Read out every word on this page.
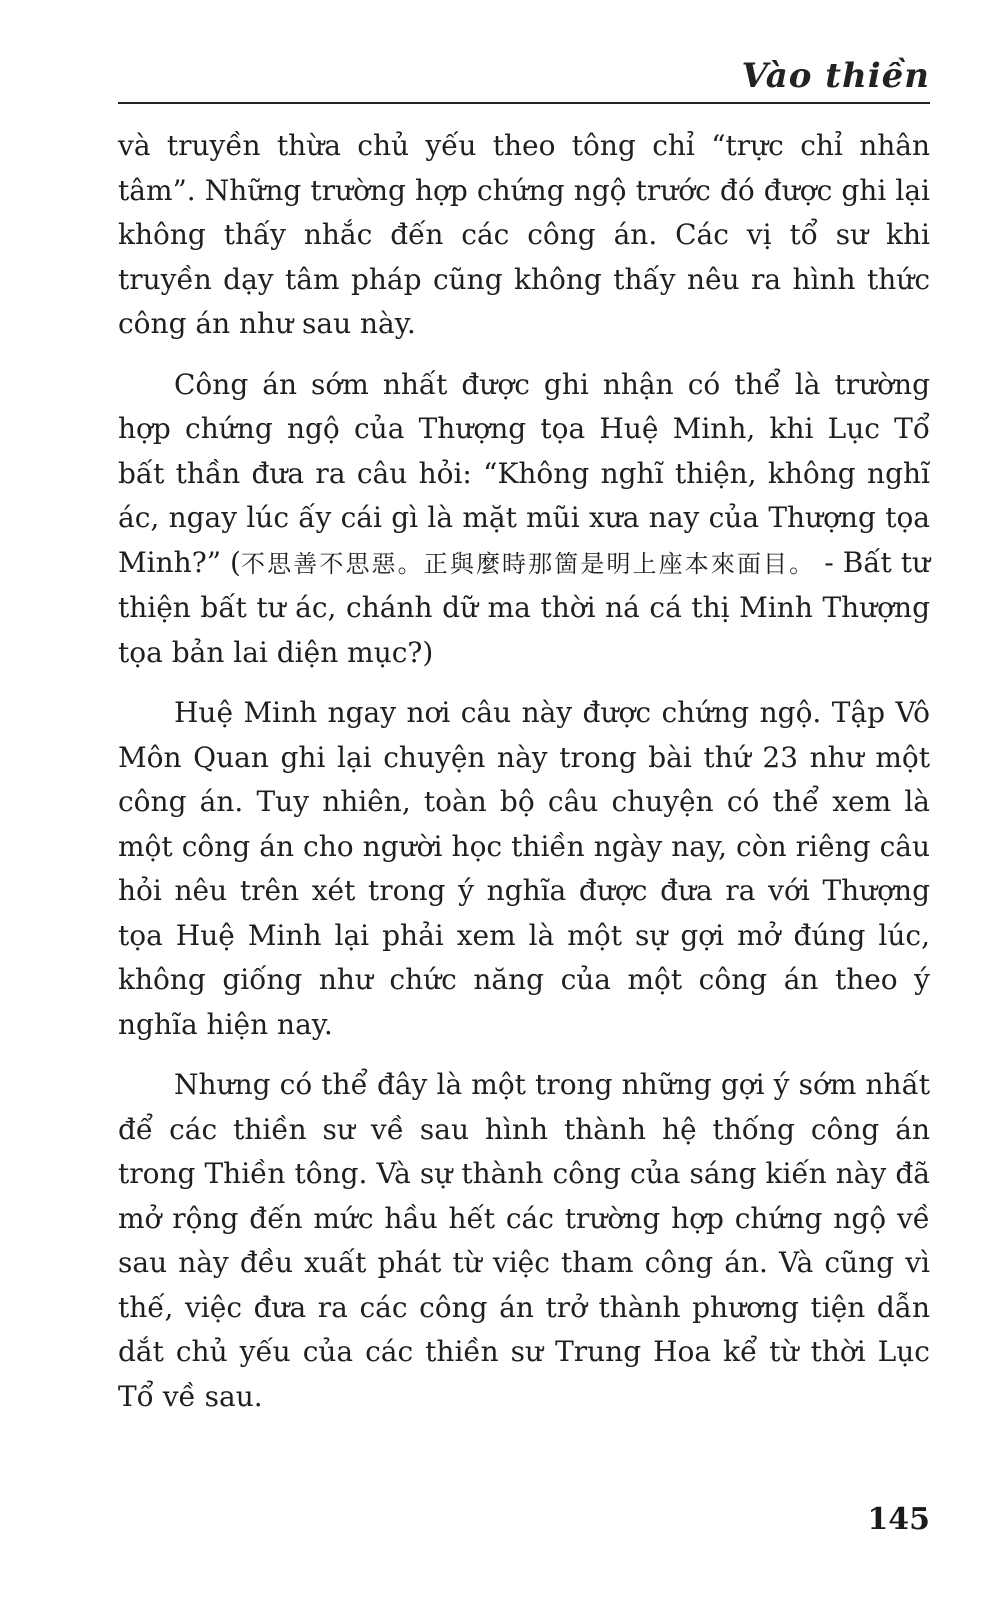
Vào thiền

và truyền thừa chủ yếu theo tông chỉ “trực chỉ nhân tâm”. Những trường hợp chứng ngộ trước đó được ghi lại không thấy nhắc đến các công án. Các vị tổ sư khi truyền dạy tâm pháp cũng không thấy nêu ra hình thức công án như sau này.

Công án sớm nhất được ghi nhận có thể là trường hợp chứng ngộ của Thượng tọa Huệ Minh, khi Lục Tổ bất thần đưa ra câu hỏi: “Không nghĩ thiện, không nghĩ ác, ngay lúc ấy cái gì là mặt mũi xưa nay của Thượng tọa Minh?” (不思善不思惡。正與麼時那箇是明上座本來面目。 - Bất tư thiện bất tư ác, chánh dữ ma thời ná cá thị Minh Thượng tọa bản lai diện mục?)

Huệ Minh ngay nơi câu này được chứng ngộ. Tập Vô Môn Quan ghi lại chuyện này trong bài thứ 23 như một công án. Tuy nhiên, toàn bộ câu chuyện có thể xem là một công án cho người học thiền ngày nay, còn riêng câu hỏi nêu trên xét trong ý nghĩa được đưa ra với Thượng tọa Huệ Minh lại phải xem là một sự gợi mở đúng lúc, không giống như chức năng của một công án theo ý nghĩa hiện nay.

Nhưng có thể đây là một trong những gợi ý sớm nhất để các thiền sư về sau hình thành hệ thống công án trong Thiền tông. Và sự thành công của sáng kiến này đã mở rộng đến mức hầu hết các trường hợp chứng ngộ về sau này đều xuất phát từ việc tham công án. Và cũng vì thế, việc đưa ra các công án trở thành phương tiện dẫn dắt chủ yếu của các thiền sư Trung Hoa kể từ thời Lục Tổ về sau.

145
